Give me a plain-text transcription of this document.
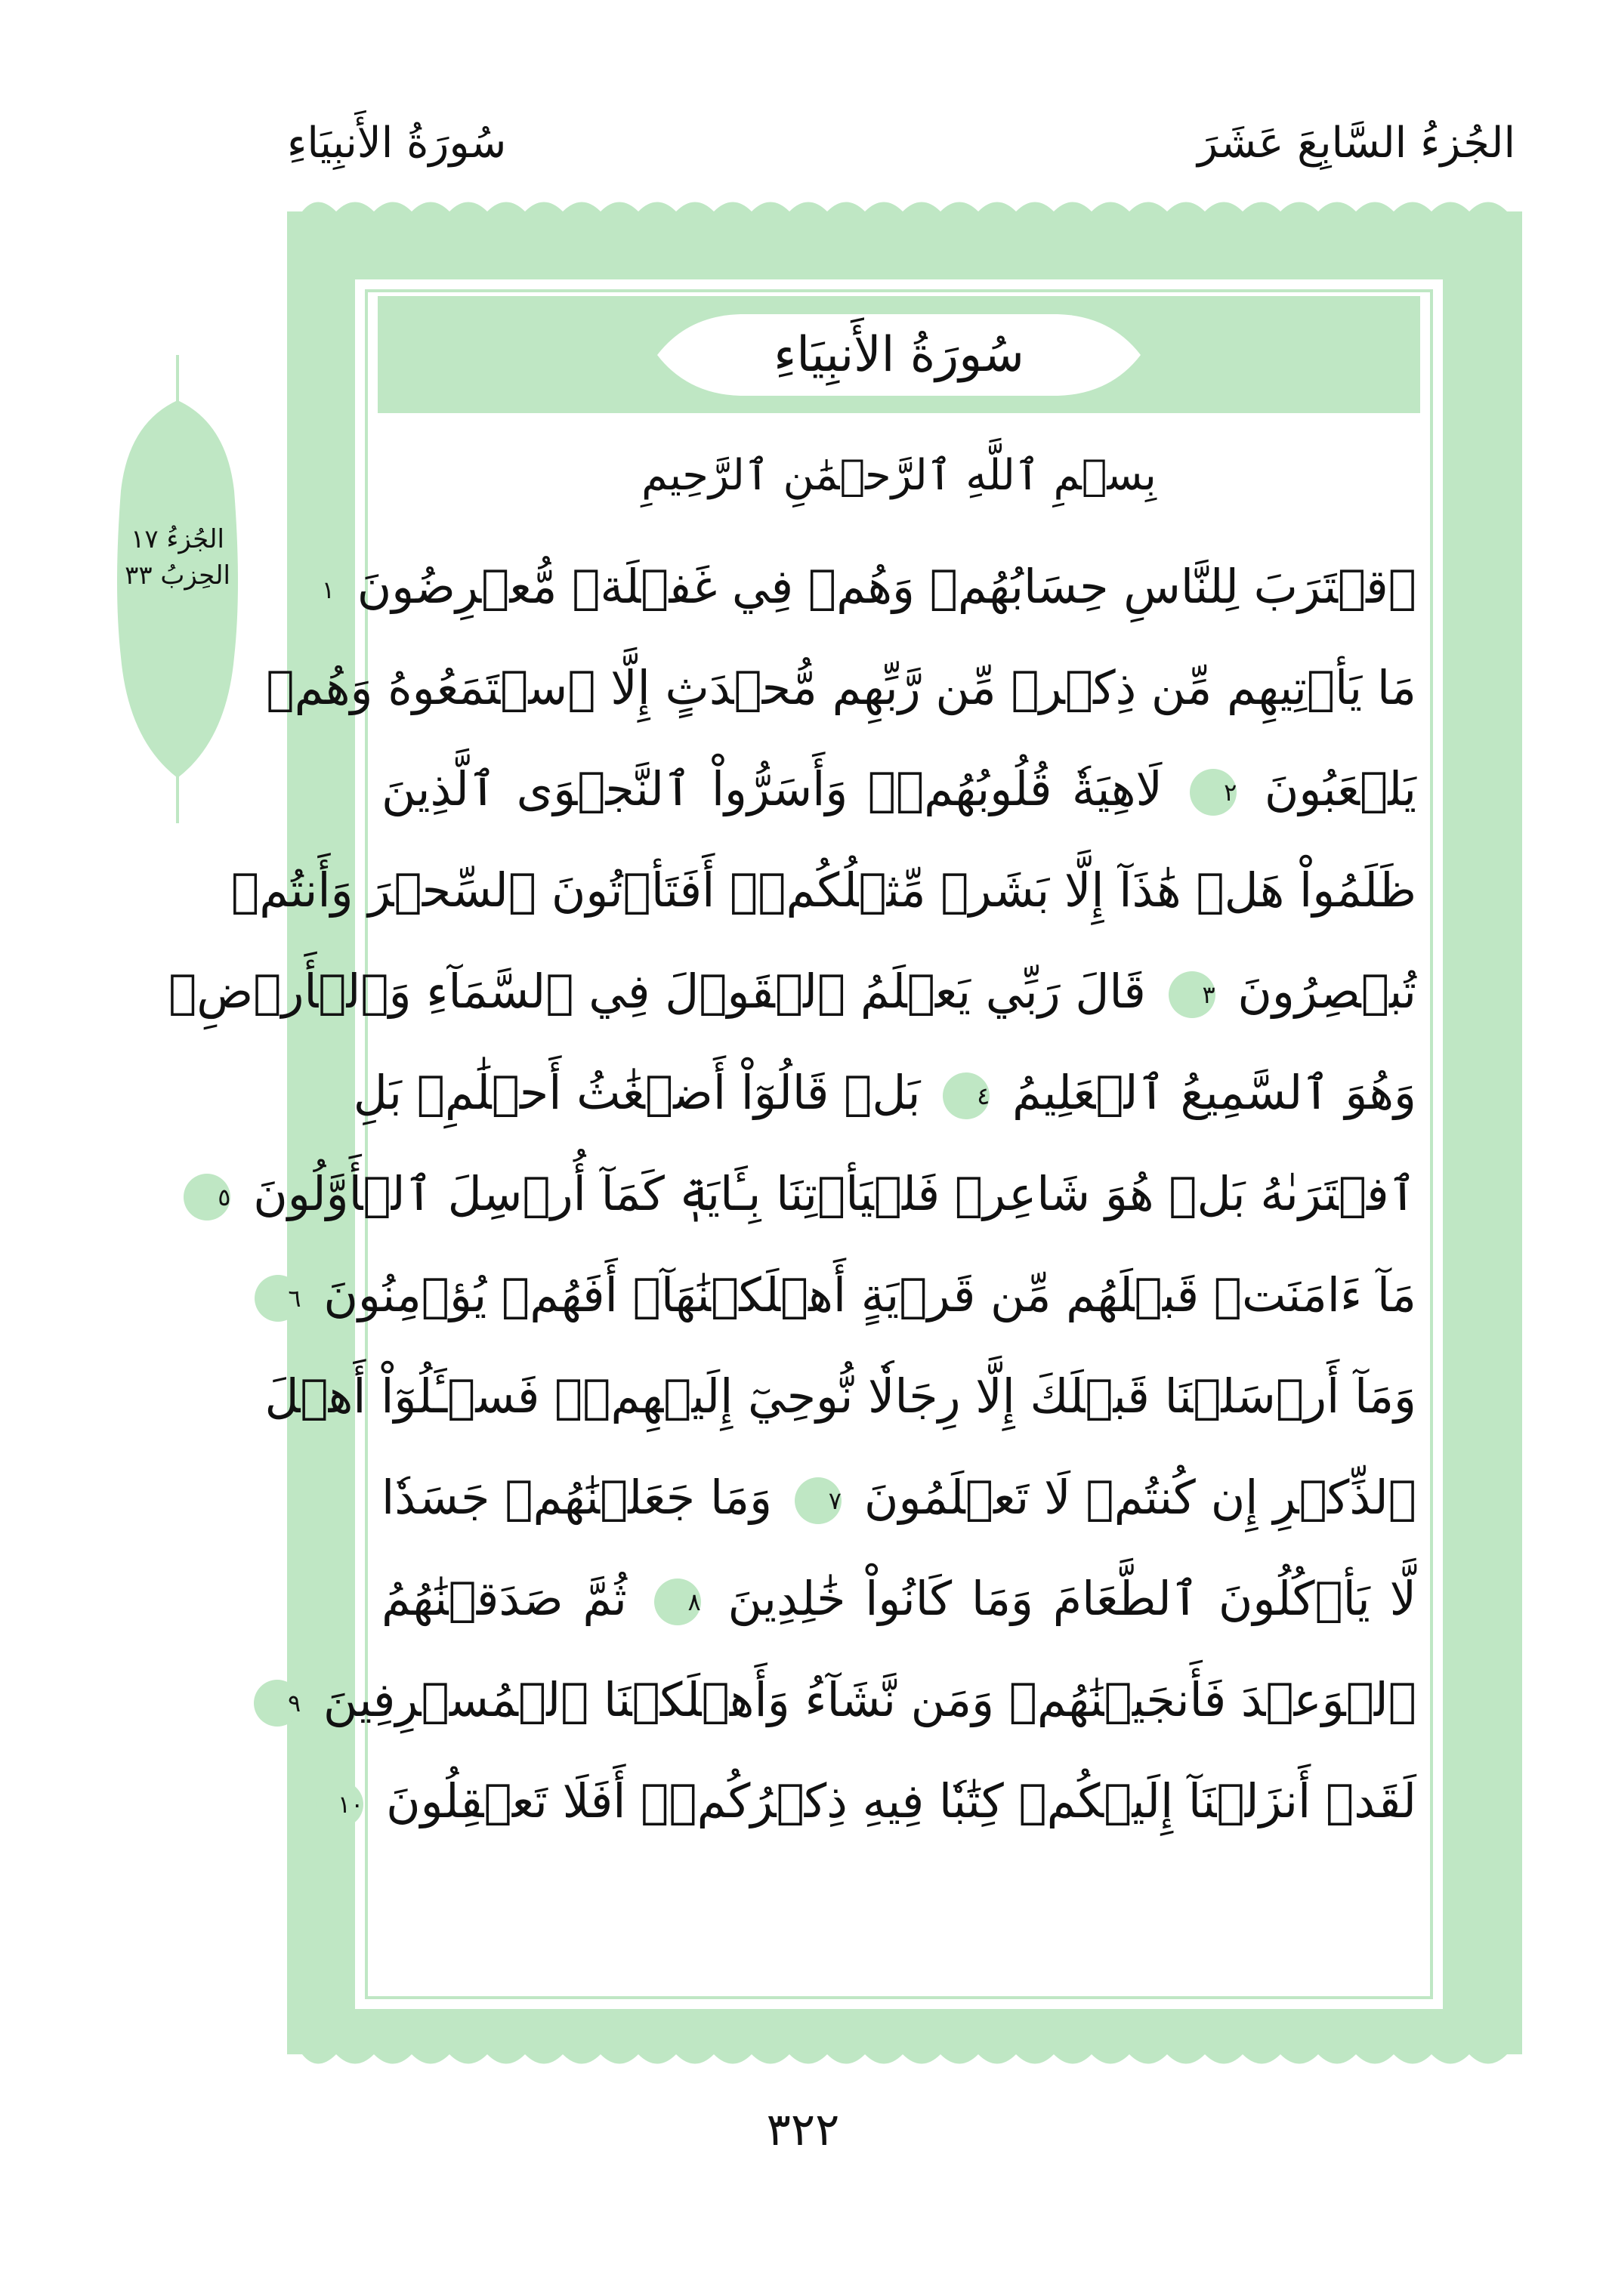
الجُزءُ السَّابِعَ عَشَرَ
سُورَةُ الأَنبِيَاءِ
الجُزءُ ١٧
الحِزبُ ٣٣
سُورَةُ الأَنبِيَاءِ
بِسۡمِ ٱللَّهِ ٱلرَّحۡمَٰنِ ٱلرَّحِيمِ
ٱقۡتَرَبَ لِلنَّاسِ حِسَابُهُمۡ وَهُمۡ فِي غَفۡلَةٖ مُّعۡرِضُونَ ١
مَا يَأۡتِيهِم مِّن ذِكۡرٖ مِّن رَّبِّهِم مُّحۡدَثٍ إِلَّا ٱسۡتَمَعُوهُ وَهُمۡ
يَلۡعَبُونَ ٢ لَاهِيَةٗ قُلُوبُهُمۡۗ وَأَسَرُّواْ ٱلنَّجۡوَى ٱلَّذِينَ
ظَلَمُواْ هَلۡ هَٰذَآ إِلَّا بَشَرٞ مِّثۡلُكُمۡۖ أَفَتَأۡتُونَ ٱلسِّحۡرَ وَأَنتُمۡ
تُبۡصِرُونَ ٣ قَالَ رَبِّي يَعۡلَمُ ٱلۡقَوۡلَ فِي ٱلسَّمَآءِ وَٱلۡأَرۡضِۖ
وَهُوَ ٱلسَّمِيعُ ٱلۡعَلِيمُ ٤ بَلۡ قَالُوٓاْ أَضۡغَٰثُ أَحۡلَٰمِۭ بَلِ
ٱفۡتَرَىٰهُ بَلۡ هُوَ شَاعِرٞ فَلۡيَأۡتِنَا بِـَٔايَةٖ كَمَآ أُرۡسِلَ ٱلۡأَوَّلُونَ ٥
مَآ ءَامَنَتۡ قَبۡلَهُم مِّن قَرۡيَةٍ أَهۡلَكۡنَٰهَآۖ أَفَهُمۡ يُؤۡمِنُونَ ٦
وَمَآ أَرۡسَلۡنَا قَبۡلَكَ إِلَّا رِجَالٗا نُّوحِيٓ إِلَيۡهِمۡۖ فَسۡـَٔلُوٓاْ أَهۡلَ
ٱلذِّكۡرِ إِن كُنتُمۡ لَا تَعۡلَمُونَ ٧ وَمَا جَعَلۡنَٰهُمۡ جَسَدٗا
لَّا يَأۡكُلُونَ ٱلطَّعَامَ وَمَا كَانُواْ خَٰلِدِينَ ٨ ثُمَّ صَدَقۡنَٰهُمُ
ٱلۡوَعۡدَ فَأَنجَيۡنَٰهُمۡ وَمَن نَّشَآءُ وَأَهۡلَكۡنَا ٱلۡمُسۡرِفِينَ ٩
لَقَدۡ أَنزَلۡنَآ إِلَيۡكُمۡ كِتَٰبٗا فِيهِ ذِكۡرُكُمۡۚ أَفَلَا تَعۡقِلُونَ ١٠
٣٢٢
